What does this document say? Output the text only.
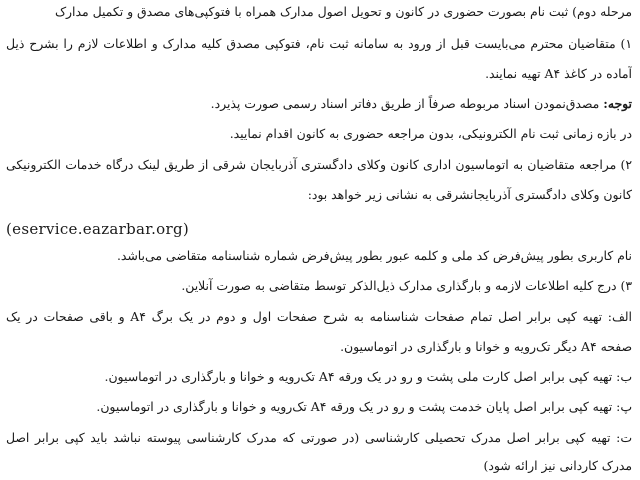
مرحله دوم) ثبت نام بصورت حضوری در کانون و تحویل اصول مدارک همراه با فتوکپی‌های مصدق و تکمیل مدارک
۱) متقاضیان محترم می‌بایست قبل از ورود به سامانه ثبت نام، فتوکپی مصدق کلیه مدارک و اطلاعات لازم را بشرح ذیل
آماده در کاغذ A۴ تهیه نمایند.
توجه: مصدق‌نمودن اسناد مربوطه صرفاً از طریق دفاتر اسناد رسمی صورت پذیرد.
در بازه زمانی ثبت نام الکترونیکی، بدون مراجعه حضوری به کانون اقدام نمایید.
۲) مراجعه متقاضیان به اتوماسیون اداری کانون وکلای دادگستری آذربایجان شرقی از طریق لینک درگاه خدمات الکترونیکی
کانون وکلای دادگستری آذربایجانشرقی به نشانی زیر خواهد بود:
(eservice.eazarbar.org)
نام کاربری بطور پیش‌فرض کد ملی و کلمه عبور بطور پیش‌فرض شماره شناسنامه متقاضی می‌باشد.
۳) درج کلیه اطلاعات لازمه و بارگذاری مدارک ذیل‌الذکر توسط متقاضی به صورت آنلاین.
الف: تهیه کپی برابر اصل تمام صفحات شناسنامه به شرح صفحات اول و دوم در یک برگ A۴ و باقی صفحات در یک
صفحه A۴ دیگر تک‌رویه و خوانا و بارگذاری در اتوماسیون.
ب: تهیه کپی برابر اصل کارت ملی پشت و رو در یک ورقه A۴ تک‌رویه و خوانا و بارگذاری در اتوماسیون.
پ: تهیه کپی برابر اصل پایان خدمت پشت و رو در یک ورقه A۴ تک‌رویه و خوانا و بارگذاری در اتوماسیون.
ت: تهیه کپی برابر اصل مدرک تحصیلی کارشناسی (در صورتی که مدرک کارشناسی پیوسته نباشد باید کپی برابر اصل
مدرک کاردانی نیز ارائه شود)
